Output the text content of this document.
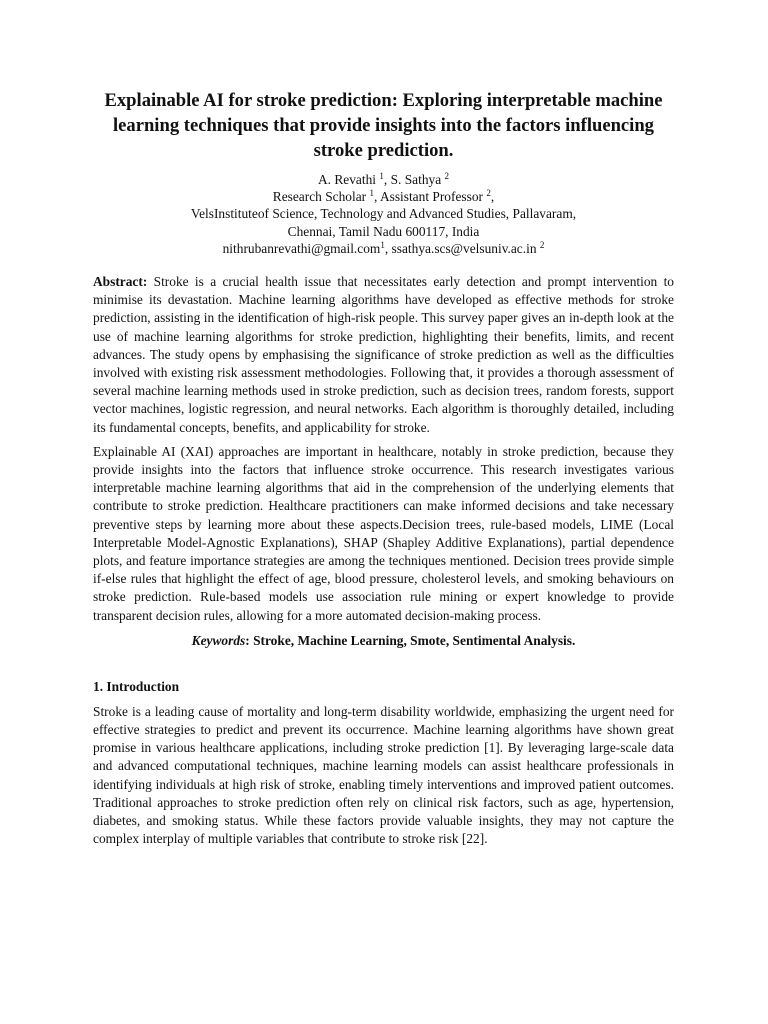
Explainable AI for stroke prediction: Exploring interpretable machine learning techniques that provide insights into the factors influencing stroke prediction.
A. Revathi $^1$, S. Sathya $^2$
Research Scholar $^1$, Assistant Professor $^2$,
VelsInstituteof Science, Technology and Advanced Studies, Pallavaram,
Chennai, Tamil Nadu 600117, India
nithrubanrevathi@gmail.com$^1$, ssathya.scs@velsuniv.ac.in $^2$

Abstract: Stroke is a crucial health issue that necessitates early detection and prompt intervention to minimise its devastation. Machine learning algorithms have developed as effective methods for stroke prediction, assisting in the identification of high-risk people. This survey paper gives an in-depth look at the use of machine learning algorithms for stroke prediction, highlighting their benefits, limits, and recent advances. The study opens by emphasising the significance of stroke prediction as well as the difficulties involved with existing risk assessment methodologies. Following that, it provides a thorough assessment of several machine learning methods used in stroke prediction, such as decision trees, random forests, support vector machines, logistic regression, and neural networks. Each algorithm is thoroughly detailed, including its fundamental concepts, benefits, and applicability for stroke.

Explainable AI (XAI) approaches are important in healthcare, notably in stroke prediction, because they provide insights into the factors that influence stroke occurrence. This research investigates various interpretable machine learning algorithms that aid in the comprehension of the underlying elements that contribute to stroke prediction. Healthcare practitioners can make informed decisions and take necessary preventive steps by learning more about these aspects.Decision trees, rule-based models, LIME (Local Interpretable Model-Agnostic Explanations), SHAP (Shapley Additive Explanations), partial dependence plots, and feature importance strategies are among the techniques mentioned. Decision trees provide simple if-else rules that highlight the effect of age, blood pressure, cholesterol levels, and smoking behaviours on stroke prediction. Rule-based models use association rule mining or expert knowledge to provide transparent decision rules, allowing for a more automated decision-making process.

Keywords: Stroke, Machine Learning, Smote, Sentimental Analysis.
1. Introduction

Stroke is a leading cause of mortality and long-term disability worldwide, emphasizing the urgent need for effective strategies to predict and prevent its occurrence. Machine learning algorithms have shown great promise in various healthcare applications, including stroke prediction [1]. By leveraging large-scale data and advanced computational techniques, machine learning models can assist healthcare professionals in identifying individuals at high risk of stroke, enabling timely interventions and improved patient outcomes. Traditional approaches to stroke prediction often rely on clinical risk factors, such as age, hypertension, diabetes, and smoking status. While these factors provide valuable insights, they may not capture the complex interplay of multiple variables that contribute to stroke risk [22].
